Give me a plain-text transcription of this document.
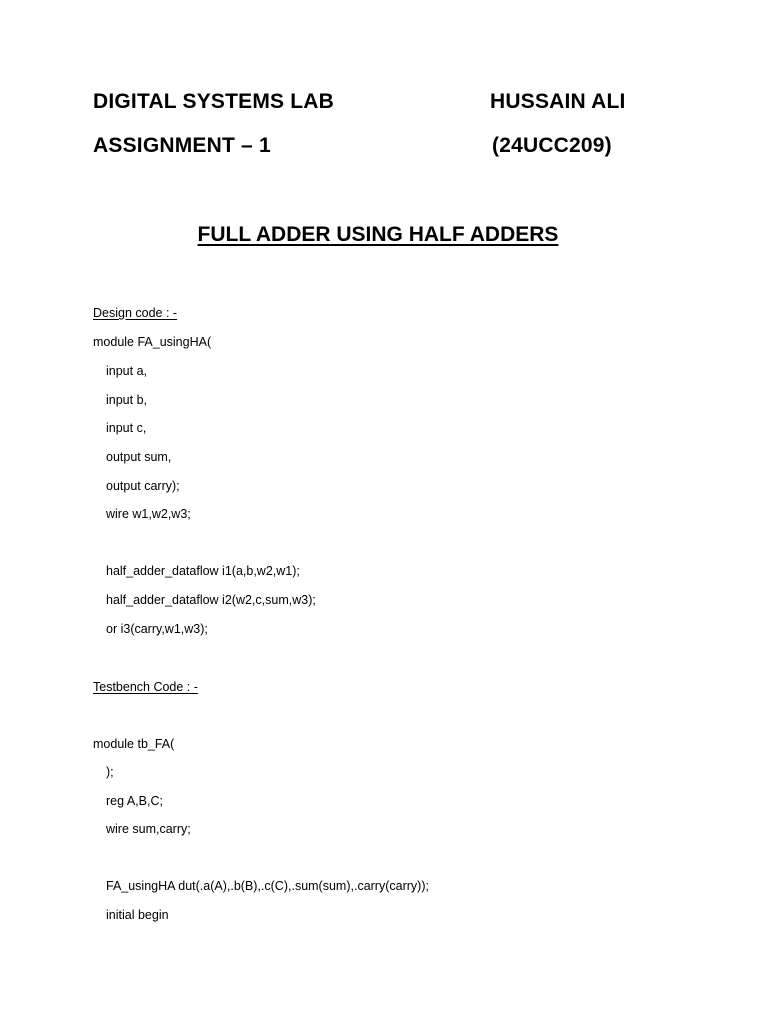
DIGITAL SYSTEMS LAB	HUSSAIN ALI
ASSIGNMENT – 1	(24UCC209)
FULL ADDER USING HALF ADDERS
Design code : -
module FA_usingHA(
input a,
input b,
input c,
output sum,
output carry);
wire w1,w2,w3;
half_adder_dataflow i1(a,b,w2,w1);
half_adder_dataflow i2(w2,c,sum,w3);
or i3(carry,w1,w3);
Testbench Code : -
module tb_FA(
);
reg A,B,C;
wire sum,carry;
FA_usingHA dut(.a(A),.b(B),.c(C),.sum(sum),.carry(carry));
initial begin
